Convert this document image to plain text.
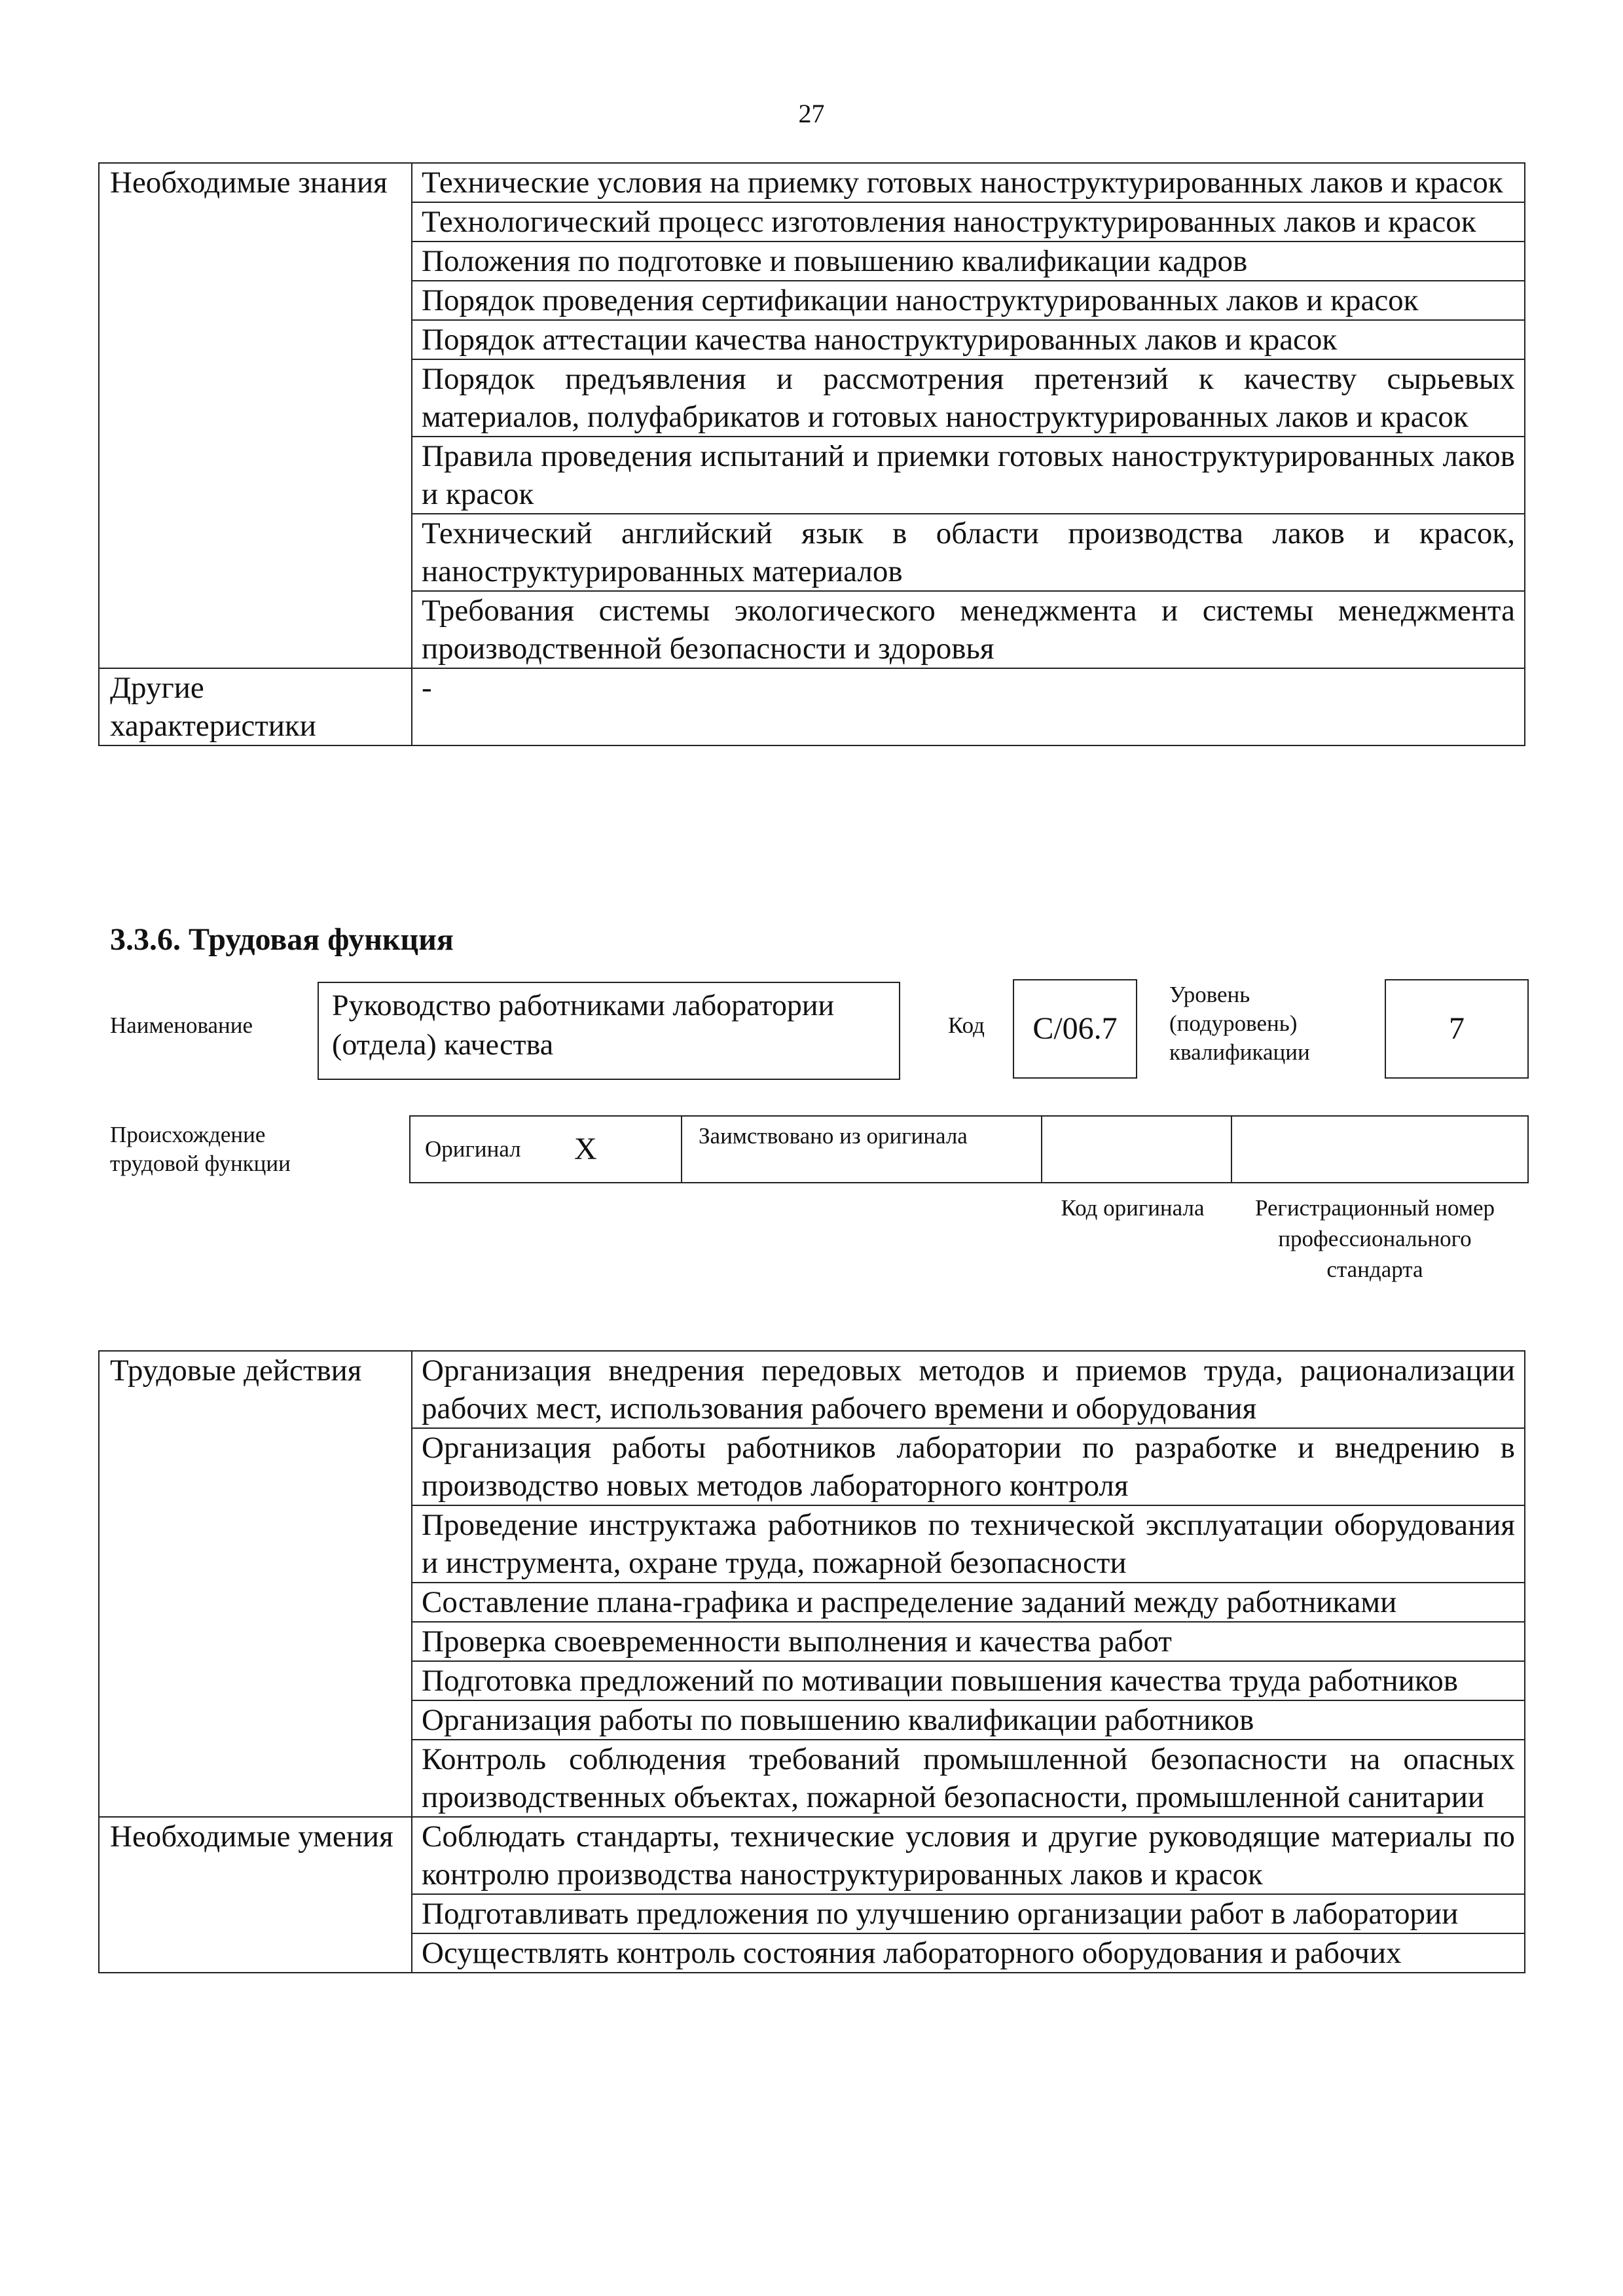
27
Необходимые знания	Технические условия на приемку готовых наноструктурированных лаков и красок
	Технологический процесс изготовления наноструктурированных лаков и красок
	Положения по подготовке и повышению квалификации кадров
	Порядок проведения сертификации наноструктурированных лаков и красок
	Порядок аттестации качества наноструктурированных лаков и красок
	Порядок предъявления и рассмотрения претензий к качеству сырьевых материалов, полуфабрикатов и готовых наноструктурированных лаков и красок
	Правила проведения испытаний и приемки готовых наноструктурированных лаков и красок
	Технический английский язык в области производства лаков и красок, наноструктурированных материалов
	Требования системы экологического менеджмента и системы менеджмента производственной безопасности и здоровья
Другие характеристики	-
3.3.6. Трудовая функция
Наименование
Руководство работниками лаборатории (отдела) качества
Код	C/06.7
Уровень (подуровень) квалификации
7
Происхождение трудовой функции
Оригинал X	Заимствовано из оригинала
Код оригинала	Регистрационный номер профессионального стандарта
Трудовые действия	Организация внедрения передовых методов и приемов труда, рационализации рабочих мест, использования рабочего времени и оборудования
	Организация работы работников лаборатории по разработке и внедрению в производство новых методов лабораторного контроля
	Проведение инструктажа работников по технической эксплуатации оборудования и инструмента, охране труда, пожарной безопасности
	Составление плана-графика и распределение заданий между работниками
	Проверка своевременности выполнения и качества работ
	Подготовка предложений по мотивации повышения качества труда работников
	Организация работы по повышению квалификации работников
	Контроль соблюдения требований промышленной безопасности на опасных производственных объектах, пожарной безопасности, промышленной санитарии
Необходимые умения	Соблюдать стандарты, технические условия и другие руководящие материалы по контролю производства наноструктурированных лаков и красок
	Подготавливать предложения по улучшению организации работ в лаборатории
	Осуществлять контроль состояния лабораторного оборудования и рабочих
